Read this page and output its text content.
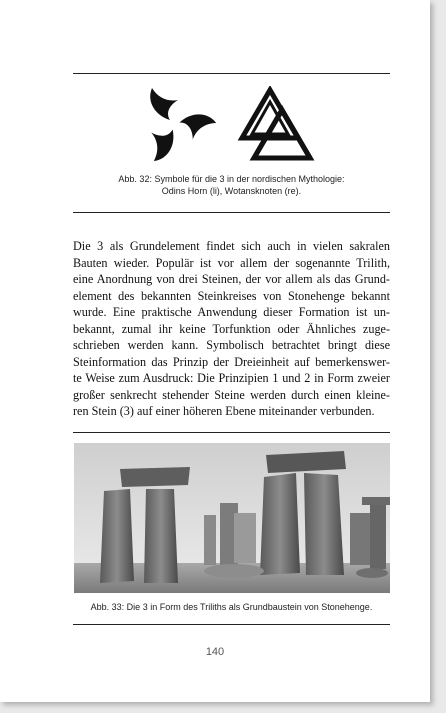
Abb. 32: Symbole für die 3 in der nordischen Mythologie:
Odins Horn (li), Wotansknoten (re).
Die 3 als Grundelement findet sich auch in vielen sakralen
Bauten wieder. Populär ist vor allem der sogenannte Trilith,
eine Anordnung von drei Steinen, der vor allem als das Grund-
element des bekannten Steinkreises von Stonehenge bekannt
wurde. Eine praktische Anwendung dieser Formation ist un-
bekannt, zumal ihr keine Torfunktion oder Ähnliches zuge-
schrieben werden kann. Symbolisch betrachtet bringt diese
Steinformation das Prinzip der Dreieinheit auf bemerkenswer-
te Weise zum Ausdruck: Die Prinzipien 1 und 2 in Form zweier
großer senkrecht stehender Steine werden durch einen kleine-
ren Stein (3) auf einer höheren Ebene miteinander verbunden.
Abb. 33: Die 3 in Form des Triliths als Grundbaustein von Stonehenge.
140
